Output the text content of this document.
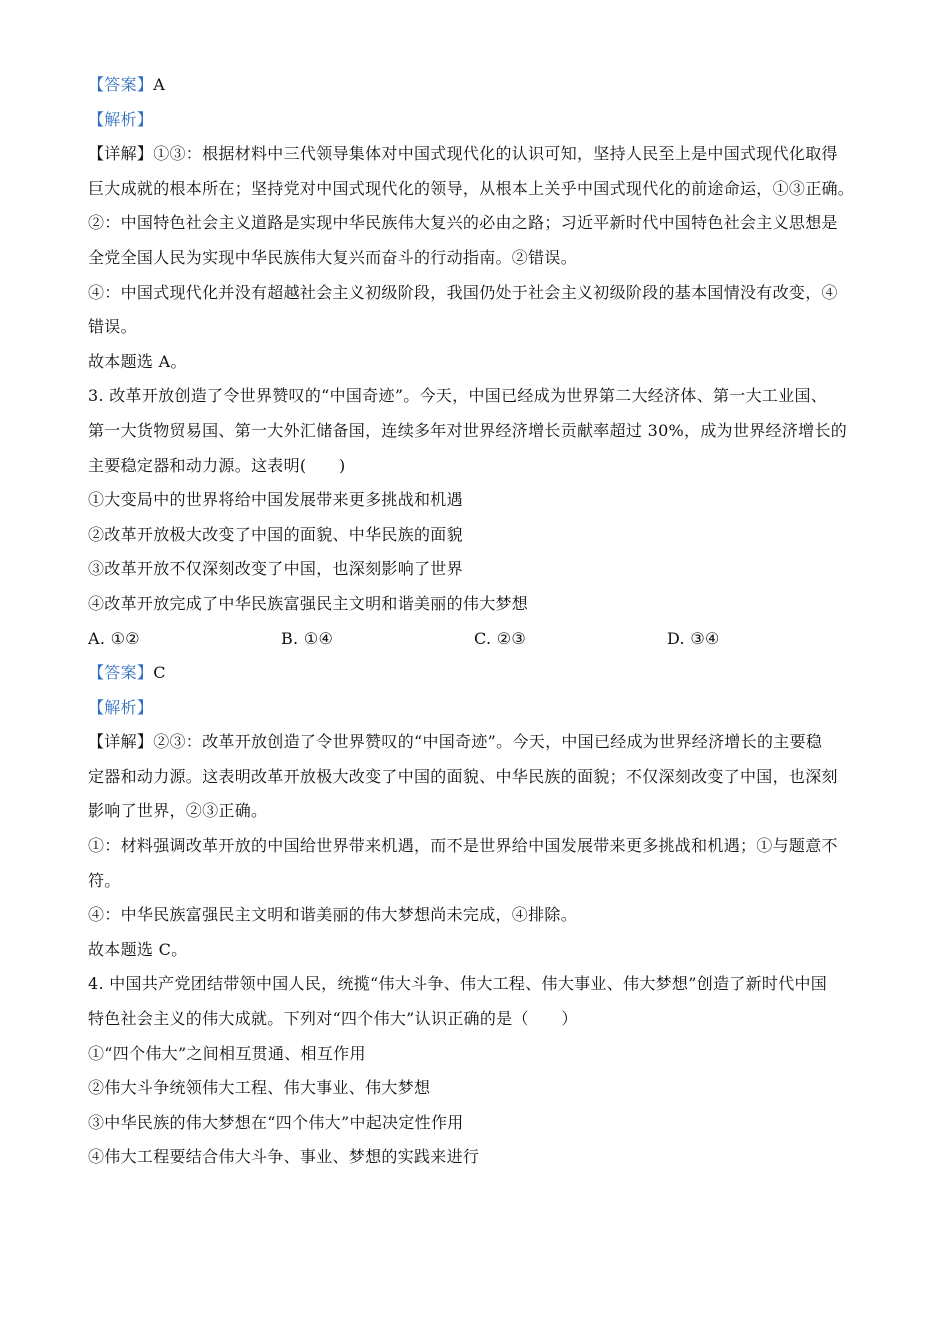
【答案】A
【解析】
【详解】①③：根据材料中三代领导集体对中国式现代化的认识可知，坚持人民至上是中国式现代化取得
巨大成就的根本所在；坚持党对中国式现代化的领导，从根本上关乎中国式现代化的前途命运，①③正确。
②：中国特色社会主义道路是实现中华民族伟大复兴的必由之路；习近平新时代中国特色社会主义思想是
全党全国人民为实现中华民族伟大复兴而奋斗的行动指南。②错误。
④：中国式现代化并没有超越社会主义初级阶段，我国仍处于社会主义初级阶段的基本国情没有改变，④
错误。
故本题选 A。
3. 改革开放创造了令世界赞叹的“中国奇迹”。今天，中国已经成为世界第二大经济体、第一大工业国、
第一大货物贸易国、第一大外汇储备国，连续多年对世界经济增长贡献率超过 30%，成为世界经济增长的
主要稳定器和动力源。这表明(　　)
①大变局中的世界将给中国发展带来更多挑战和机遇
②改革开放极大改变了中国的面貌、中华民族的面貌
③改革开放不仅深刻改变了中国，也深刻影响了世界
④改革开放完成了中华民族富强民主文明和谐美丽的伟大梦想
A. ①②	B. ①④	C. ②③	D. ③④
【答案】C
【解析】
【详解】②③：改革开放创造了令世界赞叹的“中国奇迹”。今天，中国已经成为世界经济增长的主要稳
定器和动力源。这表明改革开放极大改变了中国的面貌、中华民族的面貌；不仅深刻改变了中国，也深刻
影响了世界，②③正确。
①：材料强调改革开放的中国给世界带来机遇，而不是世界给中国发展带来更多挑战和机遇；①与题意不
符。
④：中华民族富强民主文明和谐美丽的伟大梦想尚未完成，④排除。
故本题选 C。
4. 中国共产党团结带领中国人民，统揽“伟大斗争、伟大工程、伟大事业、伟大梦想”创造了新时代中国
特色社会主义的伟大成就。下列对“四个伟大”认识正确的是（　　）
①“四个伟大”之间相互贯通、相互作用
②伟大斗争统领伟大工程、伟大事业、伟大梦想
③中华民族的伟大梦想在“四个伟大”中起决定性作用
④伟大工程要结合伟大斗争、事业、梦想的实践来进行
